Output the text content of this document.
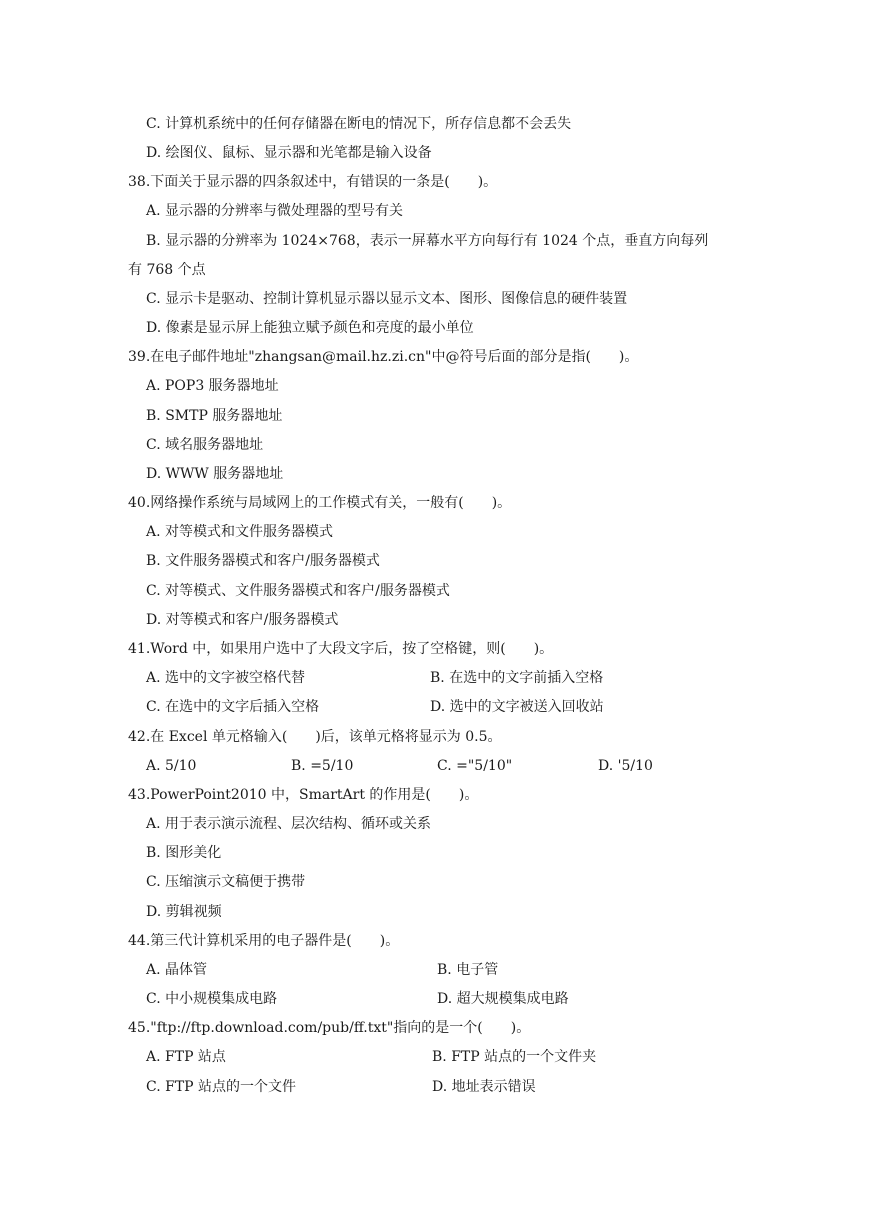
C. 计算机系统中的任何存储器在断电的情况下，所存信息都不会丢失
D. 绘图仪、鼠标、显示器和光笔都是输入设备
38.下面关于显示器的四条叙述中，有错误的一条是(　　)。
A. 显示器的分辨率与微处理器的型号有关
B. 显示器的分辨率为 1024×768，表示一屏幕水平方向每行有 1024 个点，垂直方向每列
有 768 个点
C. 显示卡是驱动、控制计算机显示器以显示文本、图形、图像信息的硬件装置
D. 像素是显示屏上能独立赋予颜色和亮度的最小单位
39.在电子邮件地址"zhangsan@mail.hz.zi.cn"中@符号后面的部分是指(　　)。
A. POP3 服务器地址
B. SMTP 服务器地址
C. 域名服务器地址
D. WWW 服务器地址
40.网络操作系统与局域网上的工作模式有关，一般有(　　)。
A. 对等模式和文件服务器模式
B. 文件服务器模式和客户/服务器模式
C. 对等模式、文件服务器模式和客户/服务器模式
D. 对等模式和客户/服务器模式
41.Word 中，如果用户选中了大段文字后，按了空格键，则(　　)。
A. 选中的文字被空格代替	B. 在选中的文字前插入空格
C. 在选中的文字后插入空格	D. 选中的文字被送入回收站
42.在 Excel 单元格输入(　　)后，该单元格将显示为 0.5。
A. 5/10	B. =5/10	C. ="5/10"	D. '5/10
43.PowerPoint2010 中，SmartArt 的作用是(　　)。
A. 用于表示演示流程、层次结构、循环或关系
B. 图形美化
C. 压缩演示文稿便于携带
D. 剪辑视频
44.第三代计算机采用的电子器件是(　　)。
A. 晶体管	B. 电子管
C. 中小规模集成电路	D. 超大规模集成电路
45."ftp://ftp.download.com/pub/ff.txt"指向的是一个(　　)。
A. FTP 站点	B. FTP 站点的一个文件夹
C. FTP 站点的一个文件	D. 地址表示错误
